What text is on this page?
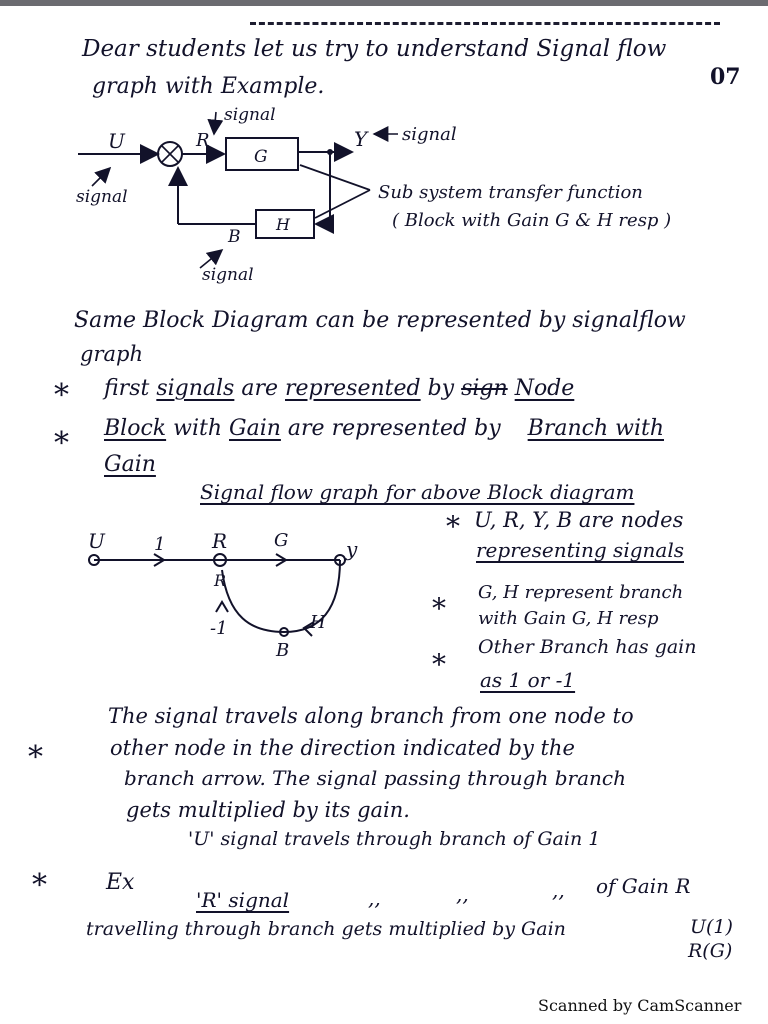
Dear students let us try to understand Signal flow
graph with Example.	07
U
signal
R
signal
G
Y signal
H
B
signal
Sub system transfer function
( Block with Gain G & H resp )
Same Block Diagram can be represented by signalflow
graph
* first signals are represented by sign Node
* Block with Gain are represented by Branch with
Gain
Signal flow graph for above Block diagram
U	1 R	G	y
R
-1	H
B
* U, R, Y, B are nodes
representing signals
* G, H represent branch
with Gain G, H resp
*
Other Branch has gain
as 1 or -1
*
The signal travels along branch from one node to
other node in the direction indicated by the
branch arrow. The signal passing through branch
gets multiplied by its gain.
*	Ex
'U' signal travels through branch of Gain 1
'R' signal	,,	,,	,, of Gain R
travelling through branch gets multiplied by Gain	U(1)
R(G)
Scanned by CamScanner
